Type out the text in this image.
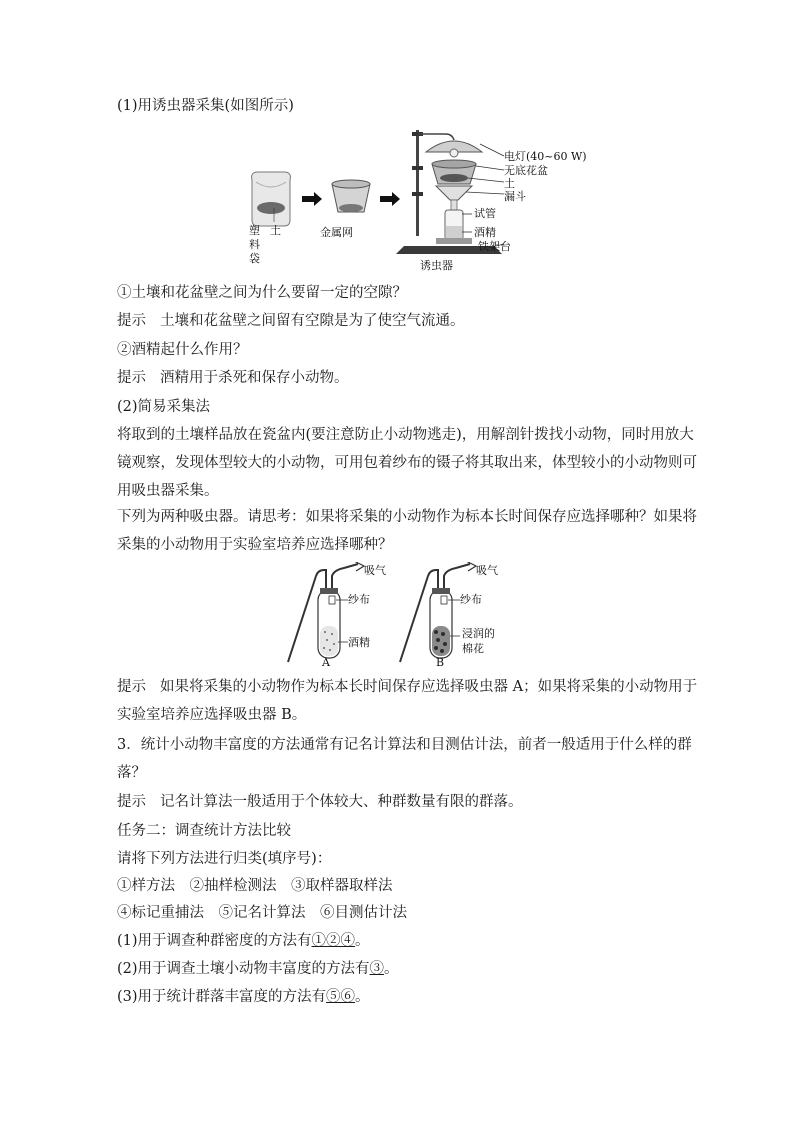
(1)用诱虫器采集(如图所示)
塑
料
袋
土	金属网
电灯(40~60 W)
无底花盆
土
漏斗
试管
酒精
铁架台
诱虫器
①土壤和花盆壁之间为什么要留一定的空隙？
提示 土壤和花盆壁之间留有空隙是为了使空气流通。
②酒精起什么作用？
提示 酒精用于杀死和保存小动物。
(2)简易采集法
将取到的土壤样品放在瓷盆内(要注意防止小动物逃走)，用解剖针拨找小动物，同时用放大
镜观察，发现体型较大的小动物，可用包着纱布的镊子将其取出来，体型较小的小动物则可
用吸虫器采集。
下列为两种吸虫器。请思考：如果将采集的小动物作为标本长时间保存应选择哪种？如果将
采集的小动物用于实验室培养应选择哪种？
吸气
纱布
酒精
A
吸气
纱布
浸润的
棉花
B
提示 如果将采集的小动物作为标本长时间保存应选择吸虫器 A；如果将采集的小动物用于
实验室培养应选择吸虫器 B。
3．统计小动物丰富度的方法通常有记名计算法和目测估计法，前者一般适用于什么样的群
落？
提示 记名计算法一般适用于个体较大、种群数量有限的群落。
任务二：调查统计方法比较
请将下列方法进行归类(填序号)：
①样方法　②抽样检测法　③取样器取样法
④标记重捕法　⑤记名计算法　⑥目测估计法
(1)用于调查种群密度的方法有①②④。
(2)用于调查土壤小动物丰富度的方法有③。
(3)用于统计群落丰富度的方法有⑤⑥。
